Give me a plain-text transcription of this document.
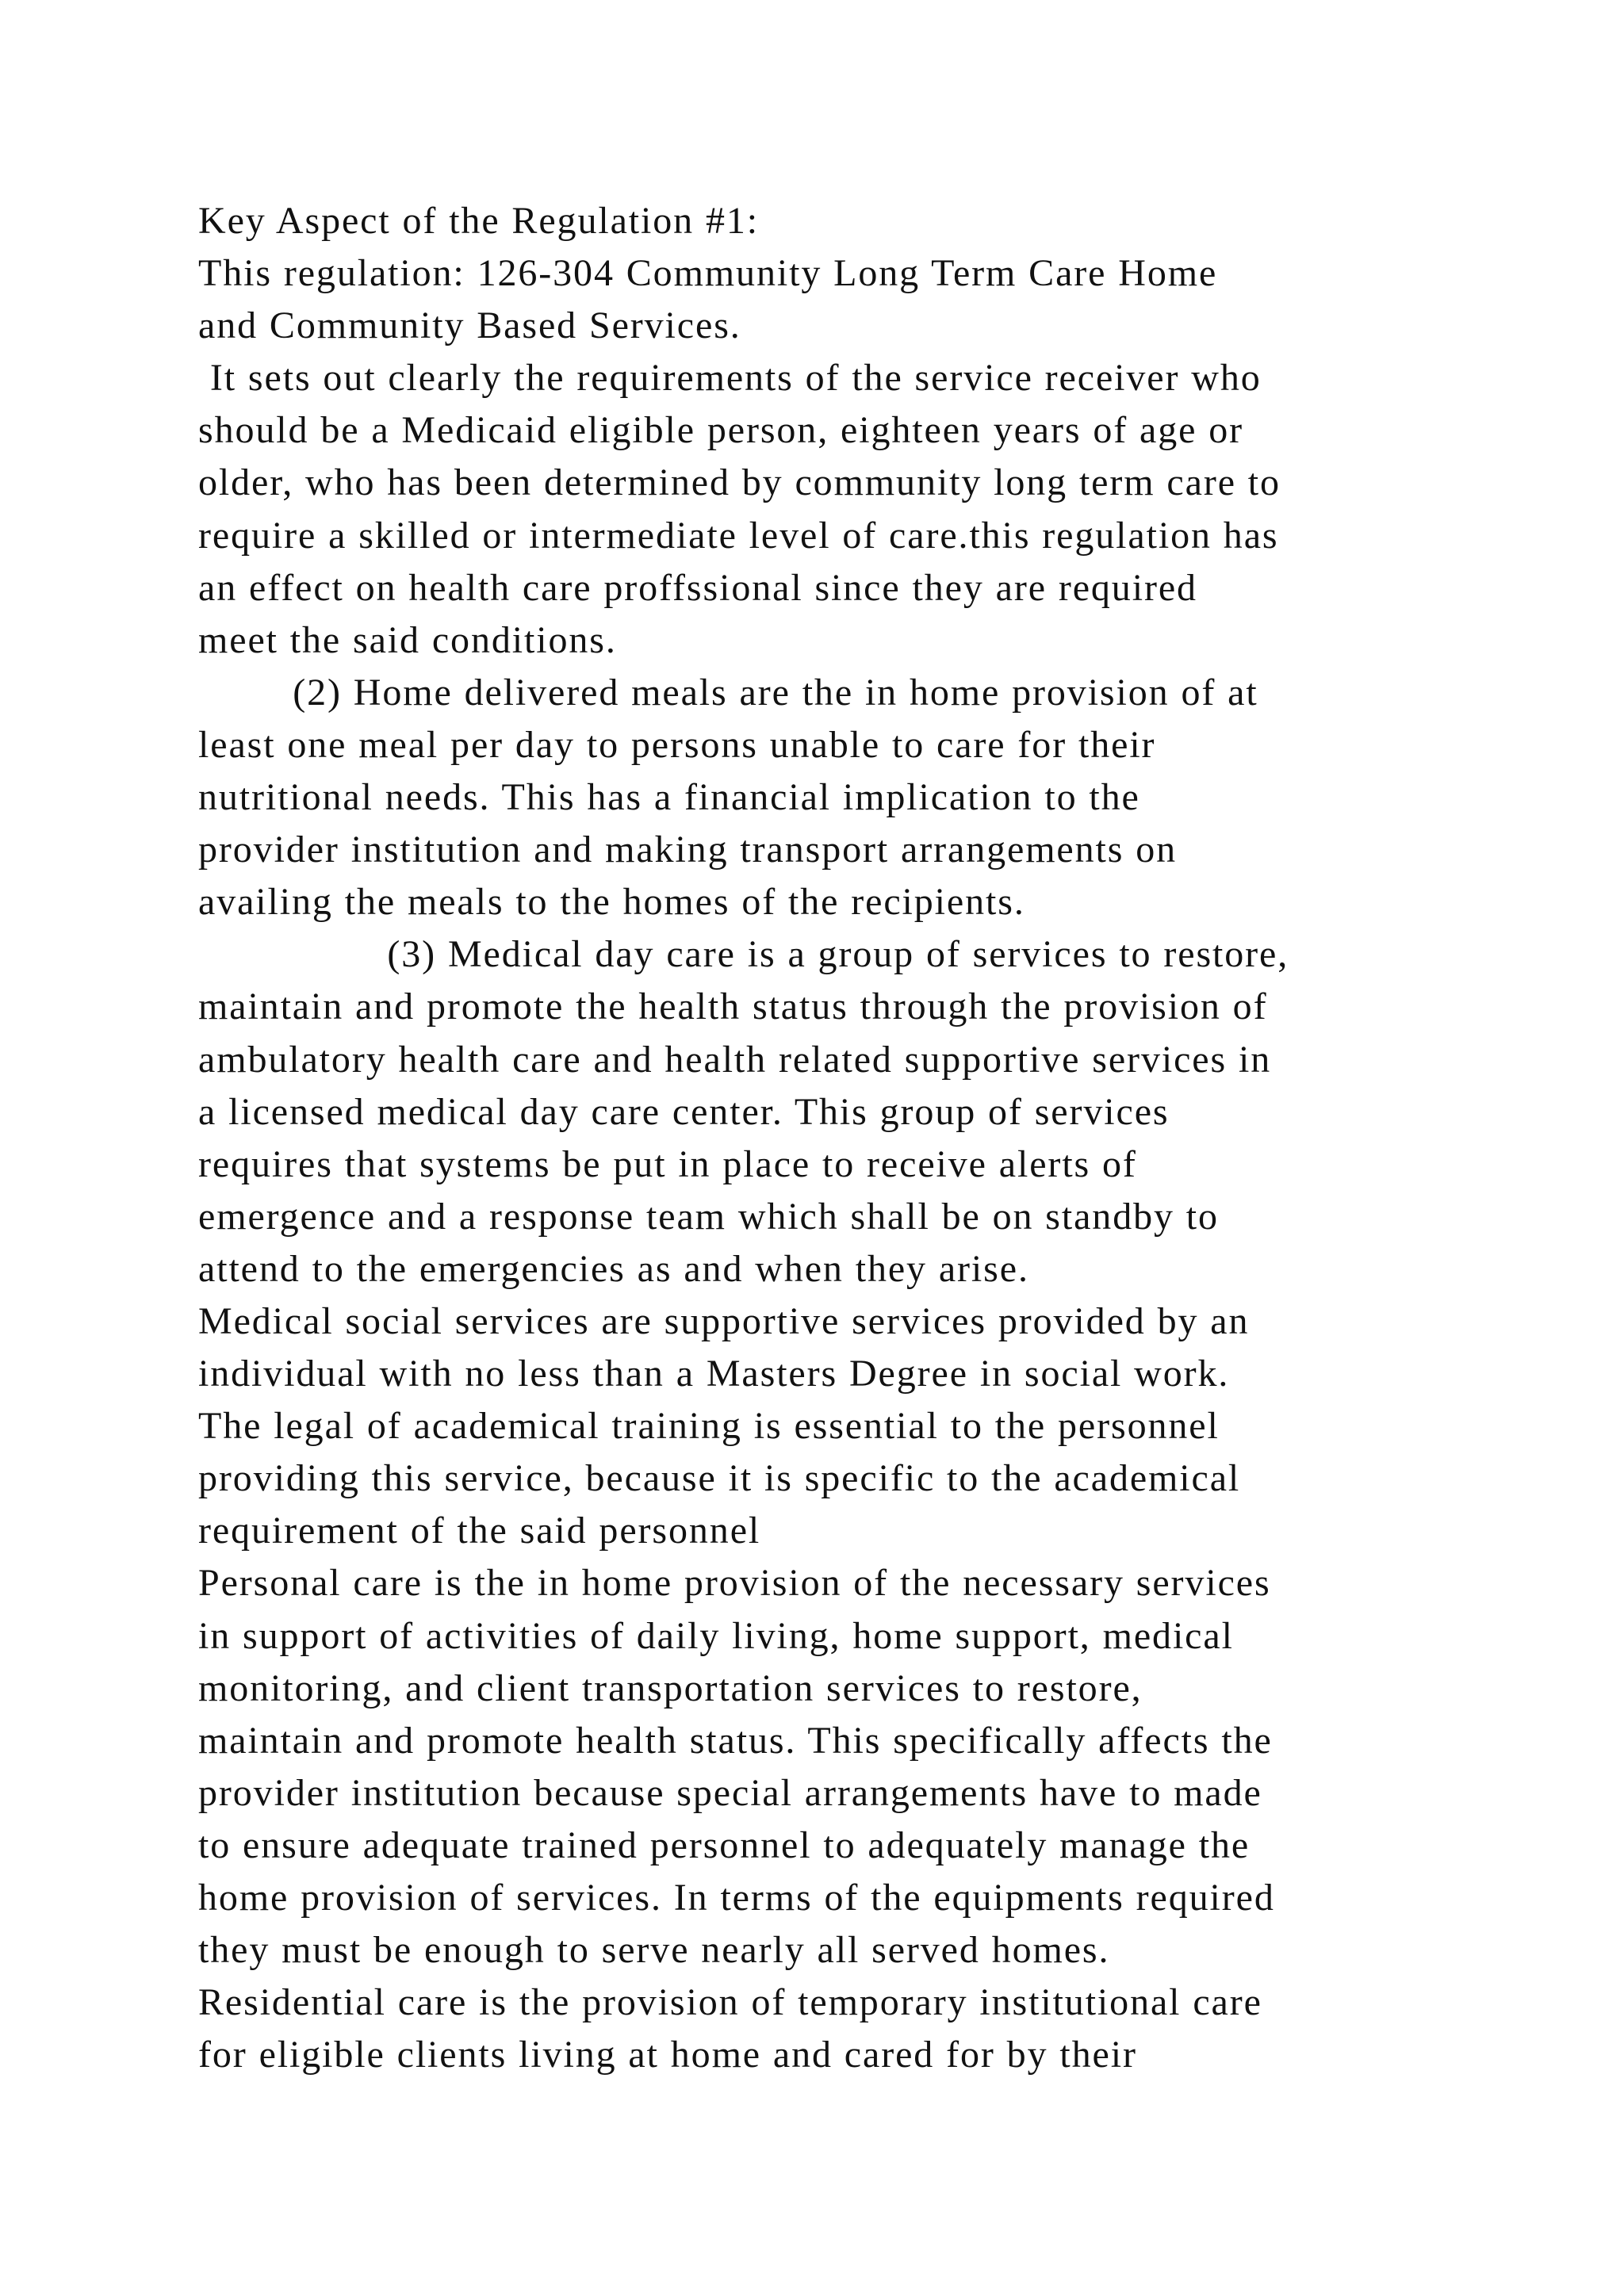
Key Aspect of the Regulation #1:
This regulation: 126-304 Community Long Term Care Home
and Community Based Services.
It sets out clearly the requirements of the service receiver who
should be a Medicaid eligible person, eighteen years of age or
older, who has been determined by community long term care to
require a skilled or intermediate level of care.this regulation has
an effect on health care proffssional since they are required
meet the said conditions.
(2) Home delivered meals are the in home provision of at
least one meal per day to persons unable to care for their
nutritional needs. This has a financial implication to the
provider institution and making transport arrangements on
availing the meals to the homes of the recipients.
(3) Medical day care is a group of services to restore,
maintain and promote the health status through the provision of
ambulatory health care and health related supportive services in
a licensed medical day care center. This group of services
requires that systems be put in place to receive alerts of
emergence and a response team which shall be on standby to
attend to the emergencies as and when they arise.
Medical social services are supportive services provided by an
individual with no less than a Masters Degree in social work.
The legal of academical training is essential to the personnel
providing this service, because it is specific to the academical
requirement of the said personnel
Personal care is the in home provision of the necessary services
in support of activities of daily living, home support, medical
monitoring, and client transportation services to restore,
maintain and promote health status. This specifically affects the
provider institution because special arrangements have to made
to ensure adequate trained personnel to adequately manage the
home provision of services. In terms of the equipments required
they must be enough to serve nearly all served homes.
Residential care is the provision of temporary institutional care
for eligible clients living at home and cared for by their
